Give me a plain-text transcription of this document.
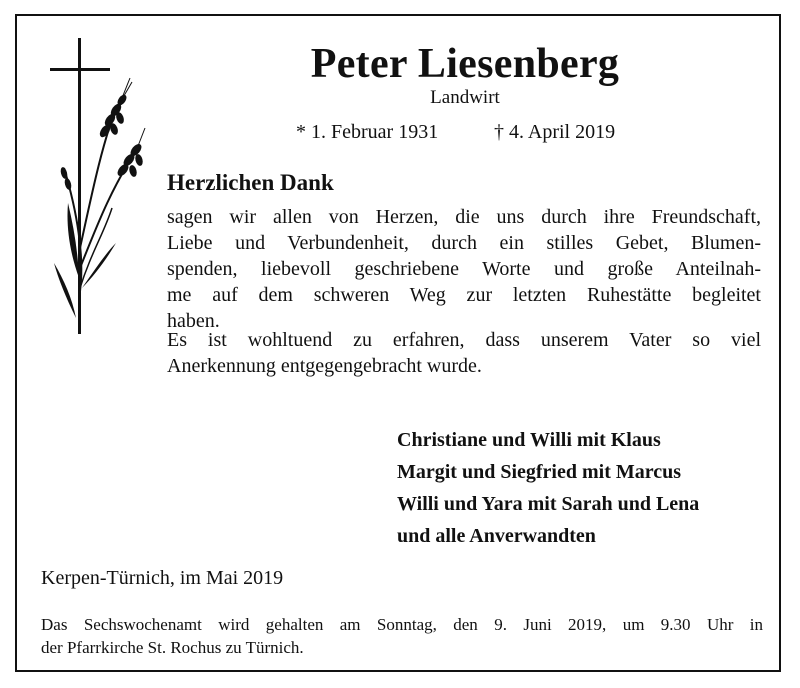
Peter Liesenberg
Landwirt
* 1. Februar 1931	† 4. April 2019
Herzlichen Dank

sagen wir allen von Herzen, die uns durch ihre Freundschaft,
Liebe und Verbundenheit, durch ein stilles Gebet, Blumen-
spenden, liebevoll geschriebene Worte und große Anteilnah-
me auf dem schweren Weg zur letzten Ruhestätte begleitet
haben.

Es ist wohltuend zu erfahren, dass unserem Vater so viel
Anerkennung entgegengebracht wurde.

Christiane und Willi mit Klaus
Margit und Siegfried mit Marcus
Willi und Yara mit Sarah und Lena
und alle Anverwandten
Kerpen-Türnich, im Mai 2019
Das Sechswochenamt wird gehalten am Sonntag, den 9. Juni 2019, um 9.30 Uhr in
der Pfarrkirche St. Rochus zu Türnich.
